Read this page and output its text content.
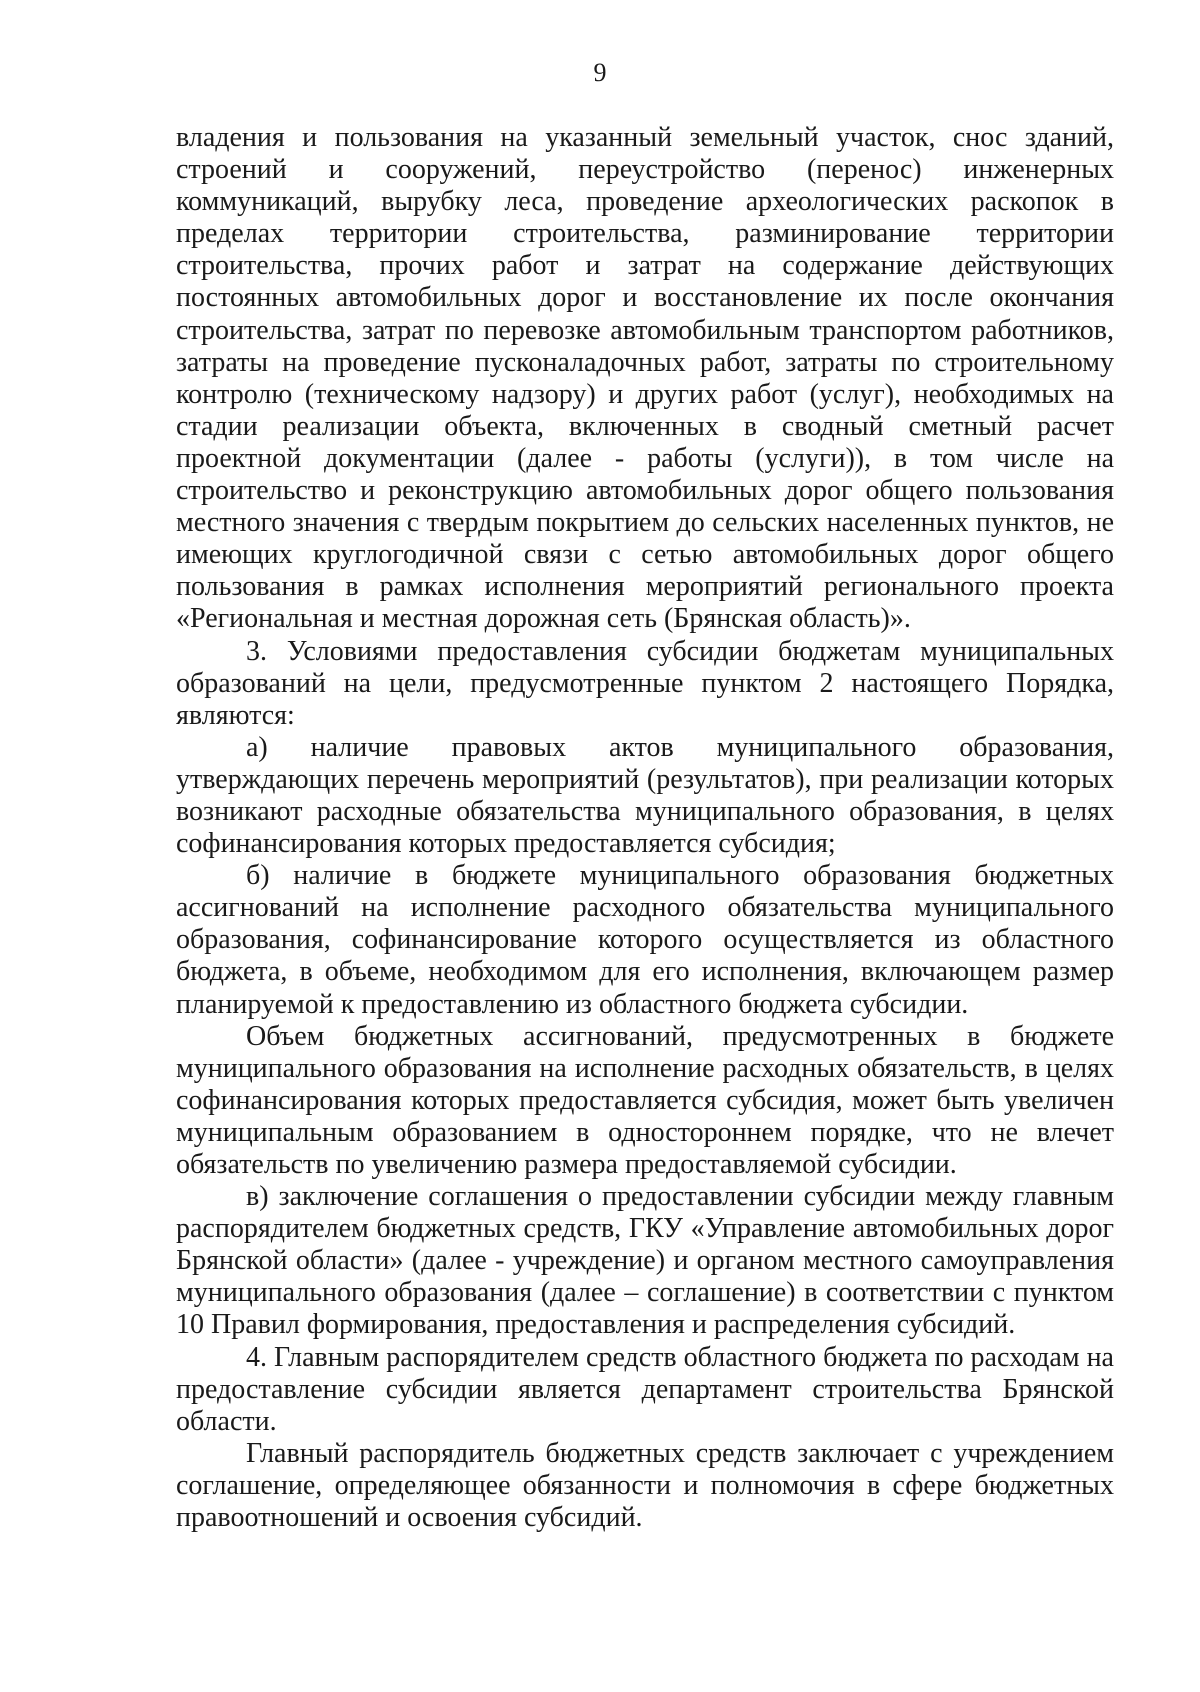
9

владения и пользования на указанный земельный участок, снос зданий, строений и сооружений, переустройство (перенос) инженерных коммуникаций, вырубку леса, проведение археологических раскопок в пределах территории строительства, разминирование территории строительства, прочих работ и затрат на содержание действующих постоянных автомобильных дорог и восстановление их после окончания строительства, затрат по перевозке автомобильным транспортом работников, затраты на проведение пусконаладочных работ, затраты по строительному контролю (техническому надзору) и других работ (услуг), необходимых на стадии реализации объекта, включенных в сводный сметный расчет проектной документации (далее - работы (услуги)), в том числе на строительство и реконструкцию автомобильных дорог общего пользования местного значения с твердым покрытием до сельских населенных пунктов, не имеющих круглогодичной связи с сетью автомобильных дорог общего пользования в рамках исполнения мероприятий регионального проекта «Региональная и местная дорожная сеть (Брянская область)».

3. Условиями предоставления субсидии бюджетам муниципальных образований на цели, предусмотренные пунктом 2 настоящего Порядка, являются:

а) наличие правовых актов муниципального образования, утверждающих перечень мероприятий (результатов), при реализации которых возникают расходные обязательства муниципального образования, в целях софинансирования которых предоставляется субсидия;

б) наличие в бюджете муниципального образования бюджетных ассигнований на исполнение расходного обязательства муниципального образования, софинансирование которого осуществляется из областного бюджета, в объеме, необходимом для его исполнения, включающем размер планируемой к предоставлению из областного бюджета субсидии.

Объем бюджетных ассигнований, предусмотренных в бюджете муниципального образования на исполнение расходных обязательств, в целях софинансирования которых предоставляется субсидия, может быть увеличен муниципальным образованием в одностороннем порядке, что не влечет обязательств по увеличению размера предоставляемой субсидии.

в) заключение соглашения о предоставлении субсидии между главным распорядителем бюджетных средств, ГКУ «Управление автомобильных дорог Брянской области» (далее - учреждение) и органом местного самоуправления муниципального образования (далее – соглашение) в соответствии с пунктом 10 Правил формирования, предоставления и распределения субсидий.

4. Главным распорядителем средств областного бюджета по расходам на предоставление субсидии является департамент строительства Брянской области.

Главный распорядитель бюджетных средств заключает с учреждением соглашение, определяющее обязанности и полномочия в сфере бюджетных правоотношений и освоения субсидий.
